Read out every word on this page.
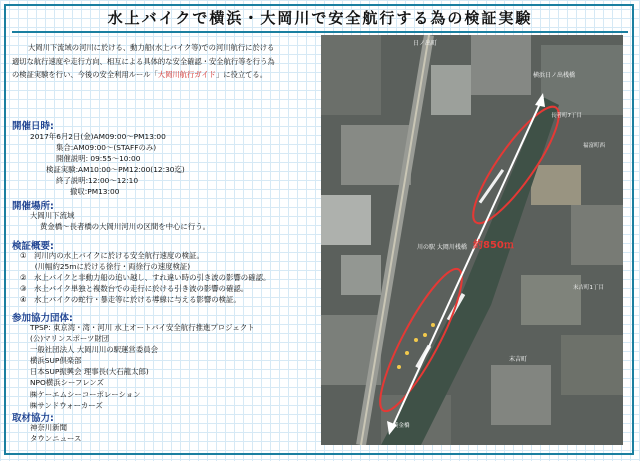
水上バイクで横浜・大岡川で安全航行する為の検証実験

大岡川下流域の河川に於ける、動力船(水上バイク等)での河川航行に於ける

適切な航行速度や走行方向、相互による具体的な安全確認・安全航行等を行う為

の検証実験を行い、今後の安全利用ルール「大岡川航行ガイド」に役立てる。

開催日時:
2017年6月2日(金)AM09:00～PM13:00
集合:AM09:00～(STAFFのみ)
開催説明: 09:55～10:00
検証実験:AM10:00～PM12:00(12:30迄)
終了説明:12:00～12:10
撤収:PM13:00
開催場所:
大岡川下流域
黄金橋～長者橋の大岡川河川の区間を中心に行う。
検証概要:
①　河川内の水上バイクに於ける安全航行速度の検証。
　　(川幅約25mに於ける徐行・両徐行の速度検証)
②　水上バイクと非動力船の追い越し、すれ違い時の引き波の影響の確認。
③　水上バイク単独と複数台での走行に於ける引き波の影響の確認。
④　水上バイクの蛇行・暴走等に於ける導線に与える影響の検証。
参加協力団体:
TPSP: 東京湾・湾・河川 水上オートバイ安全航行推進プロジェクト
(公)マリンスポーツ財団
一般社団法人 大岡川川の駅運営委員会
横浜SUP倶楽部
日本SUP振興会 理事長(大石龍太郎)
NPO横浜シーフレンズ
㈱ケーエムシーコーポレーション
㈱サンドウォーカーズ
取材協力:
神奈川新聞
タウンニュース
日ノ出町
横浜日ノ出桟橋
長者町7丁目
福富町西
川の駅 大岡川桟橋 約850ｍ
末吉町1丁目
末吉町
黄金橋
